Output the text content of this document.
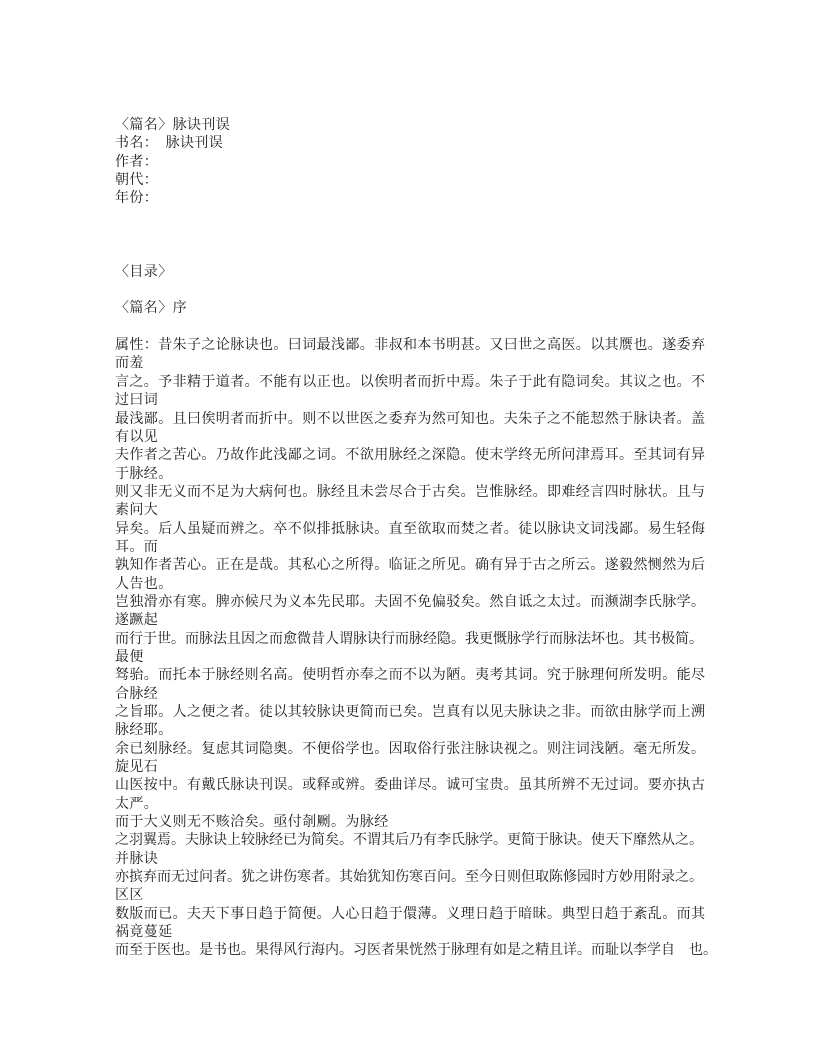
〈篇名〉脉诀刊误
书名：　脉诀刊误
作者：
朝代：
年份：
〈目录〉
〈篇名〉序
属性：昔朱子之论脉诀也。曰词最浅鄙。非叔和本书明甚。又曰世之高医。以其赝也。遂委弃
而羞
言之。予非精于道者。不能有以正也。以俟明者而折中焉。朱子于此有隐词矣。其议之也。不
过曰词
最浅鄙。且曰俟明者而折中。则不以世医之委弃为然可知也。夫朱子之不能恝然于脉诀者。盖
有以见
夫作者之苦心。乃故作此浅鄙之词。不欲用脉经之深隐。使末学终无所问津焉耳。至其词有异
于脉经。
则又非无义而不足为大病何也。脉经且未尝尽合于古矣。岂惟脉经。即难经言四时脉状。且与
素问大
异矣。后人虽疑而辨之。卒不似排抵脉诀。直至欲取而焚之者。徒以脉诀文词浅鄙。易生轻侮
耳。而
孰知作者苦心。正在是哉。其私心之所得。临证之所见。确有异于古之所云。遂毅然恻然为后
人告也。
岂独滑亦有寒。脾亦候尺为义本先民耶。夫固不免偏驳矣。然自诋之太过。而濒湖李氏脉学。
遂蹶起
而行于世。而脉法且因之而愈微昔人谓脉诀行而脉经隐。我更慨脉学行而脉法坏也。其书极简。
最便
驽骀。而托本于脉经则名高。使明哲亦奉之而不以为陋。夷考其词。究于脉理何所发明。能尽
合脉经
之旨耶。人之便之者。徒以其较脉诀更简而已矣。岂真有以见夫脉诀之非。而欲由脉学而上溯
脉经耶。
余已刻脉经。复虑其词隐奥。不便俗学也。因取俗行张注脉诀视之。则注词浅陋。毫无所发。
旋见石
山医按中。有戴氏脉诀刊误。或释或辨。委曲详尽。诚可宝贵。虽其所辨不无过词。要亦执古
太严。
而于大义则无不赅洽矣。亟付剞劂。为脉经
之羽翼焉。夫脉诀上较脉经已为简矣。不谓其后乃有李氏脉学。更简于脉诀。使天下靡然从之。
并脉诀
亦摈弃而无过问者。犹之讲伤寒者。其始犹知伤寒百问。至今日则但取陈修园时方妙用附录之。
区区
数版而已。夫天下事日趋于简便。人心日趋于儇薄。义理日趋于暗昧。典型日趋于紊乱。而其
祸竟蔓延
而至于医也。是书也。果得风行海内。习医者果恍然于脉理有如是之精且详。而耻以李学自　也。
